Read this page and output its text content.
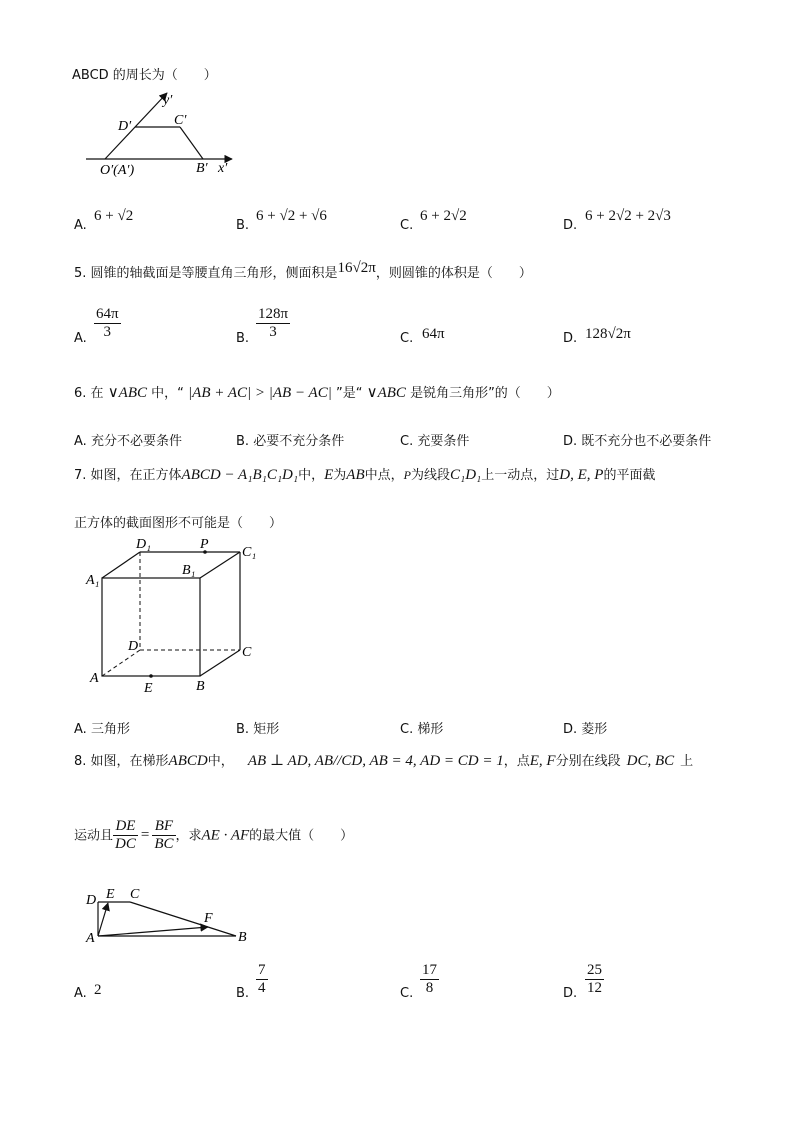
ABCD 的周长为（　　）
y′
D′	C′
O′(A′)	B′ x′
A.
6 + √2
B.
6 + √2 + √6
C.
6 + 2√2
D.
6 + 2√2 + 2√3
5. 圆锥的轴截面是等腰直角三角形，侧面积是16√2π，则圆锥的体积是（　　）
A. $\frac{64\pi}{3}$	B. $\frac{128\pi}{3}$	C. 64π	D. 128√2π
6. 在 ∨ABC 中，“ |AB + AC| > |AB − AC| ”是“ ∨ABC 是锐角三角形”的（　　）
A. 充分不必要条件	B. 必要不充分条件	C. 充要条件	D. 既不充分也不必要条件
7. 如图，在正方体ABCD − A₁B₁C₁D₁中，E为AB中点，P为线段C₁D₁上一动点，过D, E, P的平面截
正方体的截面图形不可能是（　　）
D₁	P
C₁
A₁
B₁
D	C
A
E	B
A. 三角形	B. 矩形	C. 梯形	D. 菱形
8. 如图，在梯形ABCD中， AB ⊥ AD, AB//CD, AB = 4, AD = CD = 1，点E, F分别在线段 DC, BC 上
运动且 $\frac{DE}{DC} = \frac{BF}{BC}$ ，求AE · AF的最大值（　　）
D E C
F
A	B
A. 2	B. $\frac{7}{4}$	C. $\frac{17}{8}$	D. $\frac{25}{12}$
